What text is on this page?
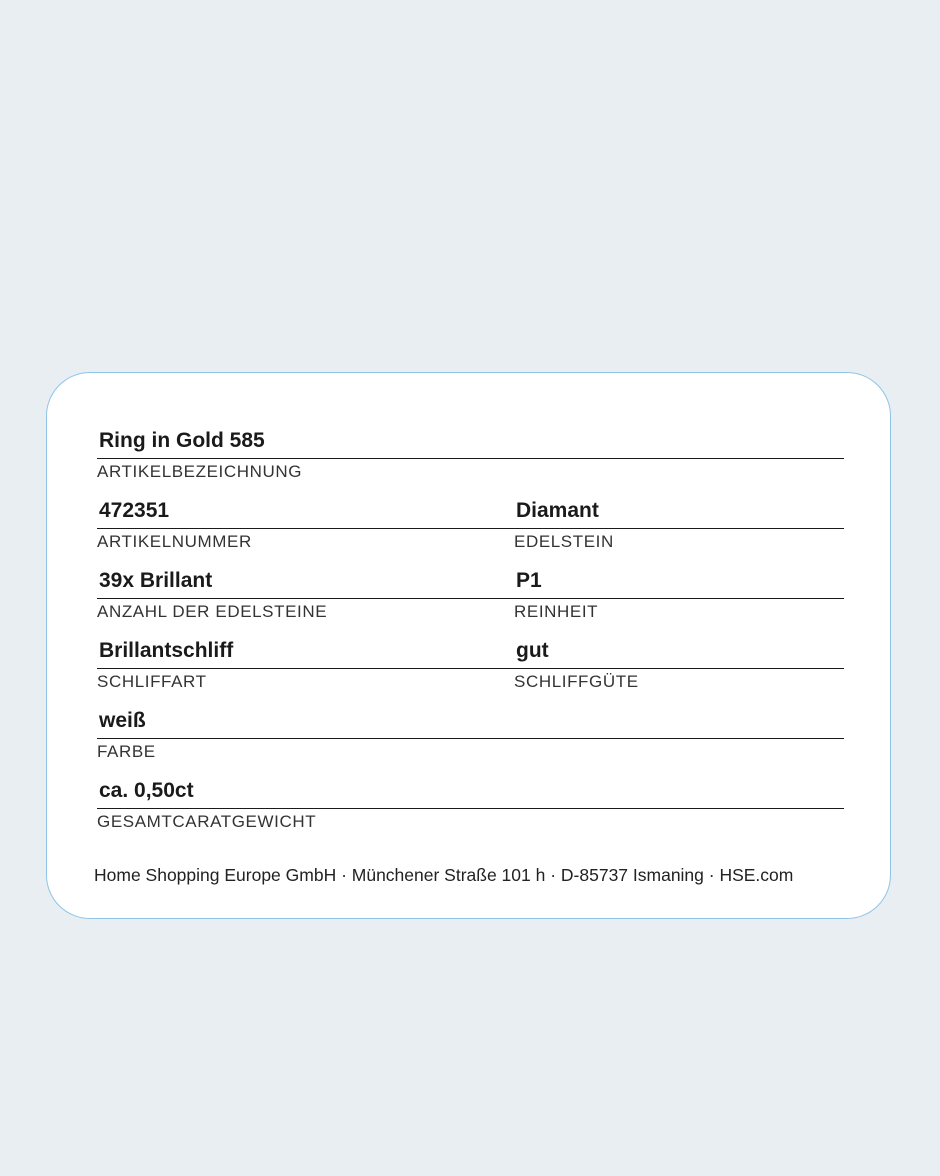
Ring in Gold 585
ARTIKELBEZEICHNUNG
472351
ARTIKELNUMMER
Diamant
EDELSTEIN
39x Brillant
ANZAHL DER EDELSTEINE
P1
REINHEIT
Brillantschliff
SCHLIFFART
gut
SCHLIFFGÜTE
weiß
FARBE
ca. 0,50ct
GESAMTCARATGEWICHT
Home Shopping Europe GmbH · Münchener Straße 101 h · D-85737 Ismaning · HSE.com
